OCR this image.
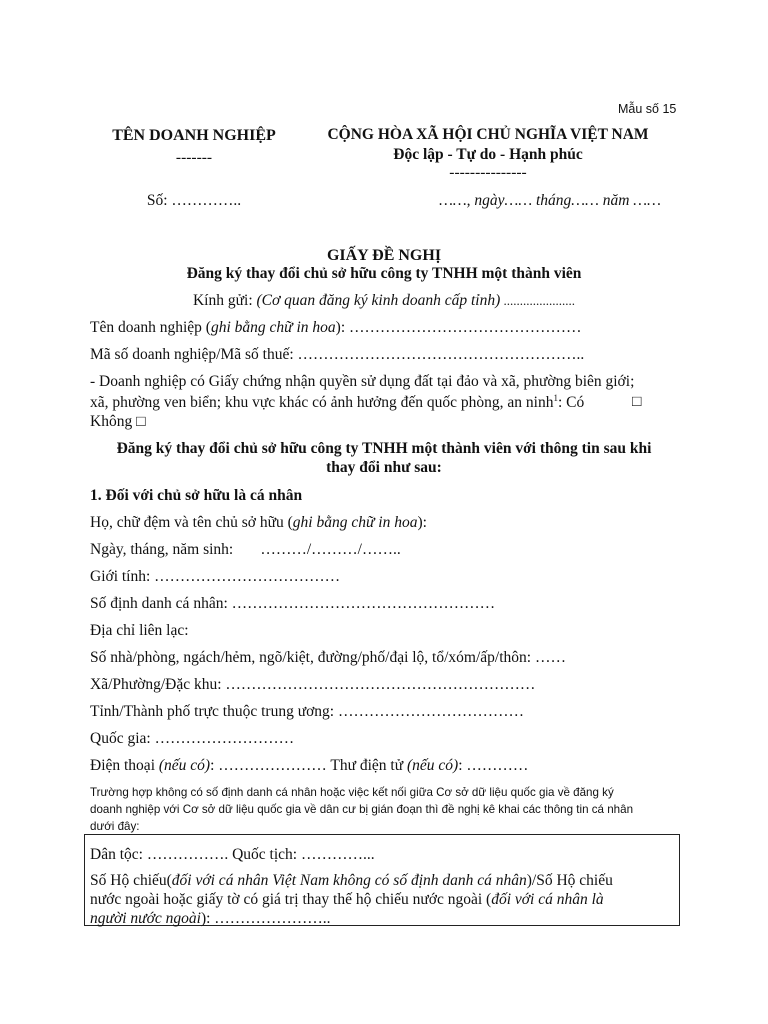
Mẫu số 15
TÊN DOANH NGHIỆP
-------
CỘNG HÒA XÃ HỘI CHỦ NGHĨA VIỆT NAM
Độc lập - Tự do - Hạnh phúc
---------------
Số: …………..	……, ngày…… tháng…… năm ……
GIẤY ĐỀ NGHỊ
Đăng ký thay đổi chủ sở hữu công ty TNHH một thành viên
Kính gửi: (Cơ quan đăng ký kinh doanh cấp tỉnh) ......................
Tên doanh nghiệp (ghi bằng chữ in hoa): ………………………………………
Mã số doanh nghiệp/Mã số thuế: ………………………………………………..
- Doanh nghiệp có Giấy chứng nhận quyền sử dụng đất tại đảo và xã, phường biên giới;
xã, phường ven biển; khu vực khác có ảnh hưởng đến quốc phòng, an ninh$^1$: Có	□
Không □
Đăng ký thay đổi chủ sở hữu công ty TNHH một thành viên với thông tin sau khi
thay đổi như sau:
1. Đối với chủ sở hữu là cá nhân
Họ, chữ đệm và tên chủ sở hữu (ghi bằng chữ in hoa):
Ngày, tháng, năm sinh:       ………/………/……..
Giới tính: ………………………………
Số định danh cá nhân: ……………………………………………
Địa chỉ liên lạc:
Số nhà/phòng, ngách/hẻm, ngõ/kiệt, đường/phố/đại lộ, tổ/xóm/ấp/thôn: ……
Xã/Phường/Đặc khu: ……………………………………………………
Tỉnh/Thành phố trực thuộc trung ương: ………………………………
Quốc gia: ………………………
Điện thoại (nếu có): ………………… Thư điện tử (nếu có): …………
Trường hợp không có số định danh cá nhân hoặc việc kết nối giữa Cơ sở dữ liệu quốc gia về đăng ký
doanh nghiệp với Cơ sở dữ liệu quốc gia về dân cư bị gián đoạn thì đề nghị kê khai các thông tin cá nhân
dưới đây:
Dân tộc: ……………. Quốc tịch: …………...
Số Hộ chiếu(đối với cá nhân Việt Nam không có số định danh cá nhân)/Số Hộ chiếu
nước ngoài hoặc giấy tờ có giá trị thay thế hộ chiếu nước ngoài (đối với cá nhân là
người nước ngoài): …………………..
